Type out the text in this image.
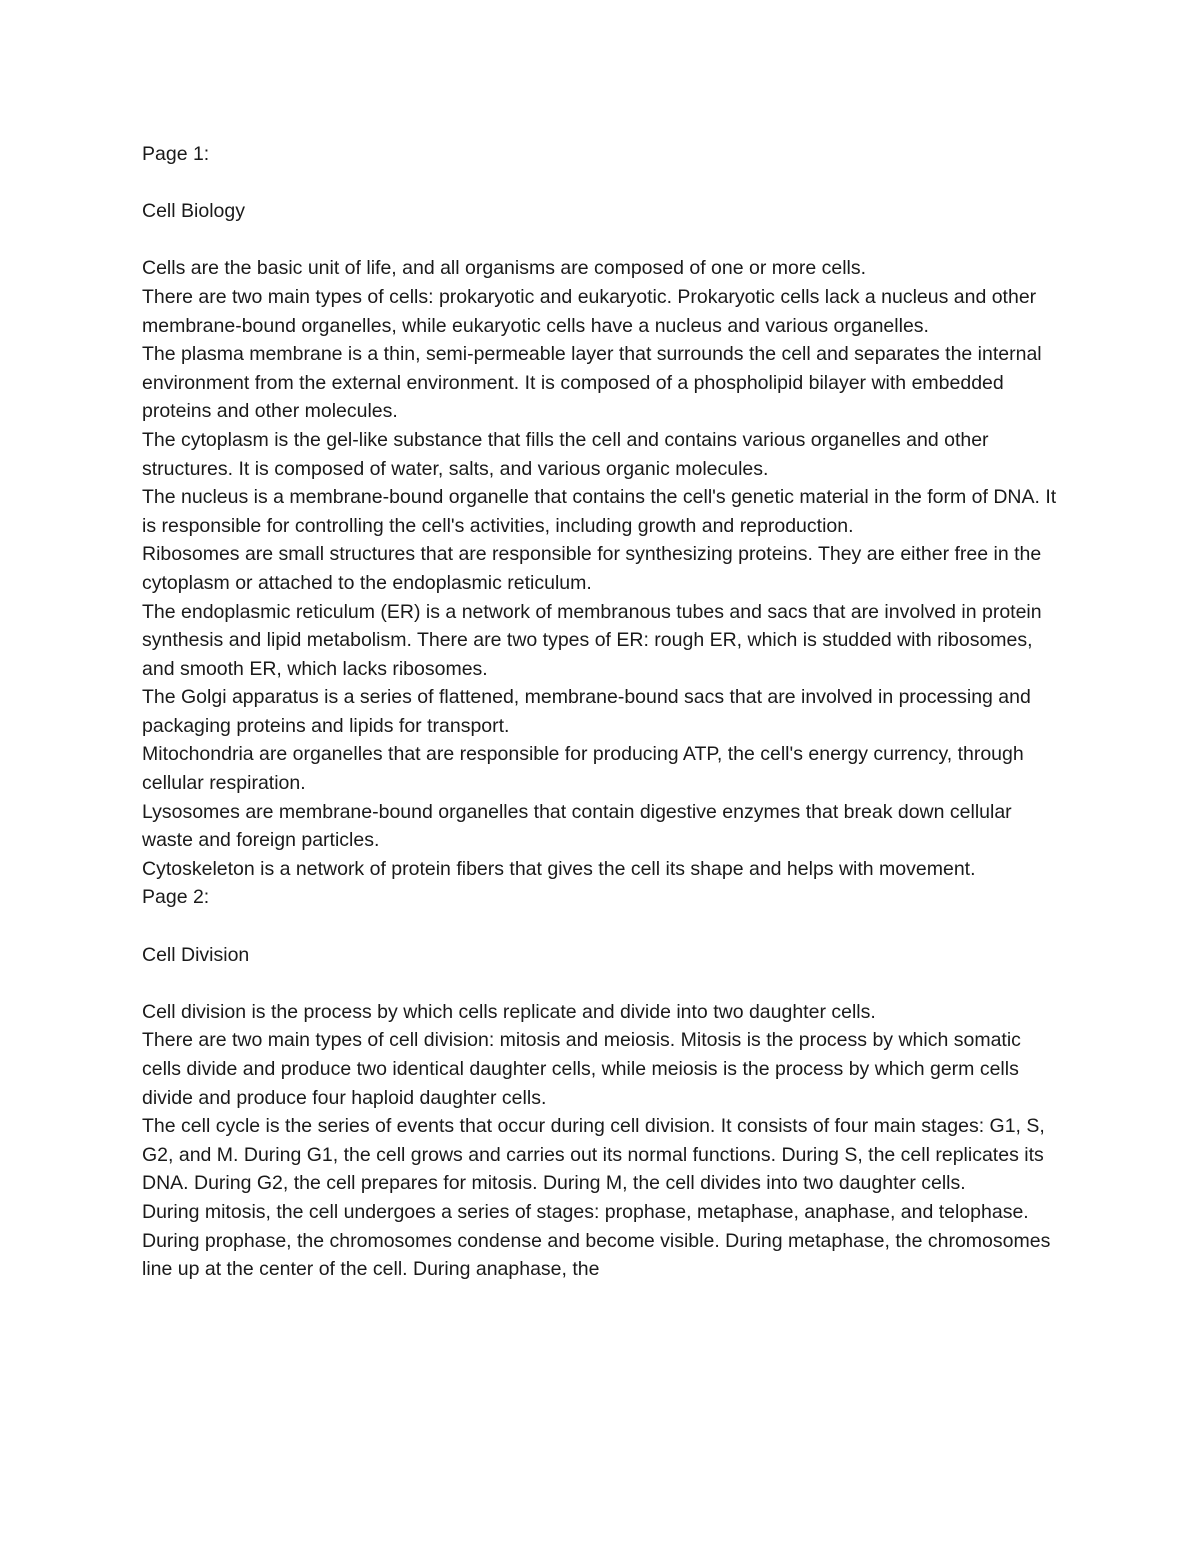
Page 1:

Cell Biology

Cells are the basic unit of life, and all organisms are composed of one or more cells.

There are two main types of cells: prokaryotic and eukaryotic. Prokaryotic cells lack a nucleus and other membrane-bound organelles, while eukaryotic cells have a nucleus and various organelles.

The plasma membrane is a thin, semi-permeable layer that surrounds the cell and separates the internal environment from the external environment. It is composed of a phospholipid bilayer with embedded proteins and other molecules.

The cytoplasm is the gel-like substance that fills the cell and contains various organelles and other structures. It is composed of water, salts, and various organic molecules.

The nucleus is a membrane-bound organelle that contains the cell's genetic material in the form of DNA. It is responsible for controlling the cell's activities, including growth and reproduction.

Ribosomes are small structures that are responsible for synthesizing proteins. They are either free in the cytoplasm or attached to the endoplasmic reticulum.

The endoplasmic reticulum (ER) is a network of membranous tubes and sacs that are involved in protein synthesis and lipid metabolism. There are two types of ER: rough ER, which is studded with ribosomes, and smooth ER, which lacks ribosomes.

The Golgi apparatus is a series of flattened, membrane-bound sacs that are involved in processing and packaging proteins and lipids for transport.

Mitochondria are organelles that are responsible for producing ATP, the cell's energy currency, through cellular respiration.

Lysosomes are membrane-bound organelles that contain digestive enzymes that break down cellular waste and foreign particles.

Cytoskeleton is a network of protein fibers that gives the cell its shape and helps with movement.

Page 2:

Cell Division

Cell division is the process by which cells replicate and divide into two daughter cells.

There are two main types of cell division: mitosis and meiosis. Mitosis is the process by which somatic cells divide and produce two identical daughter cells, while meiosis is the process by which germ cells divide and produce four haploid daughter cells.

The cell cycle is the series of events that occur during cell division. It consists of four main stages: G1, S, G2, and M. During G1, the cell grows and carries out its normal functions. During S, the cell replicates its DNA. During G2, the cell prepares for mitosis. During M, the cell divides into two daughter cells.

During mitosis, the cell undergoes a series of stages: prophase, metaphase, anaphase, and telophase. During prophase, the chromosomes condense and become visible. During metaphase, the chromosomes line up at the center of the cell. During anaphase, the
